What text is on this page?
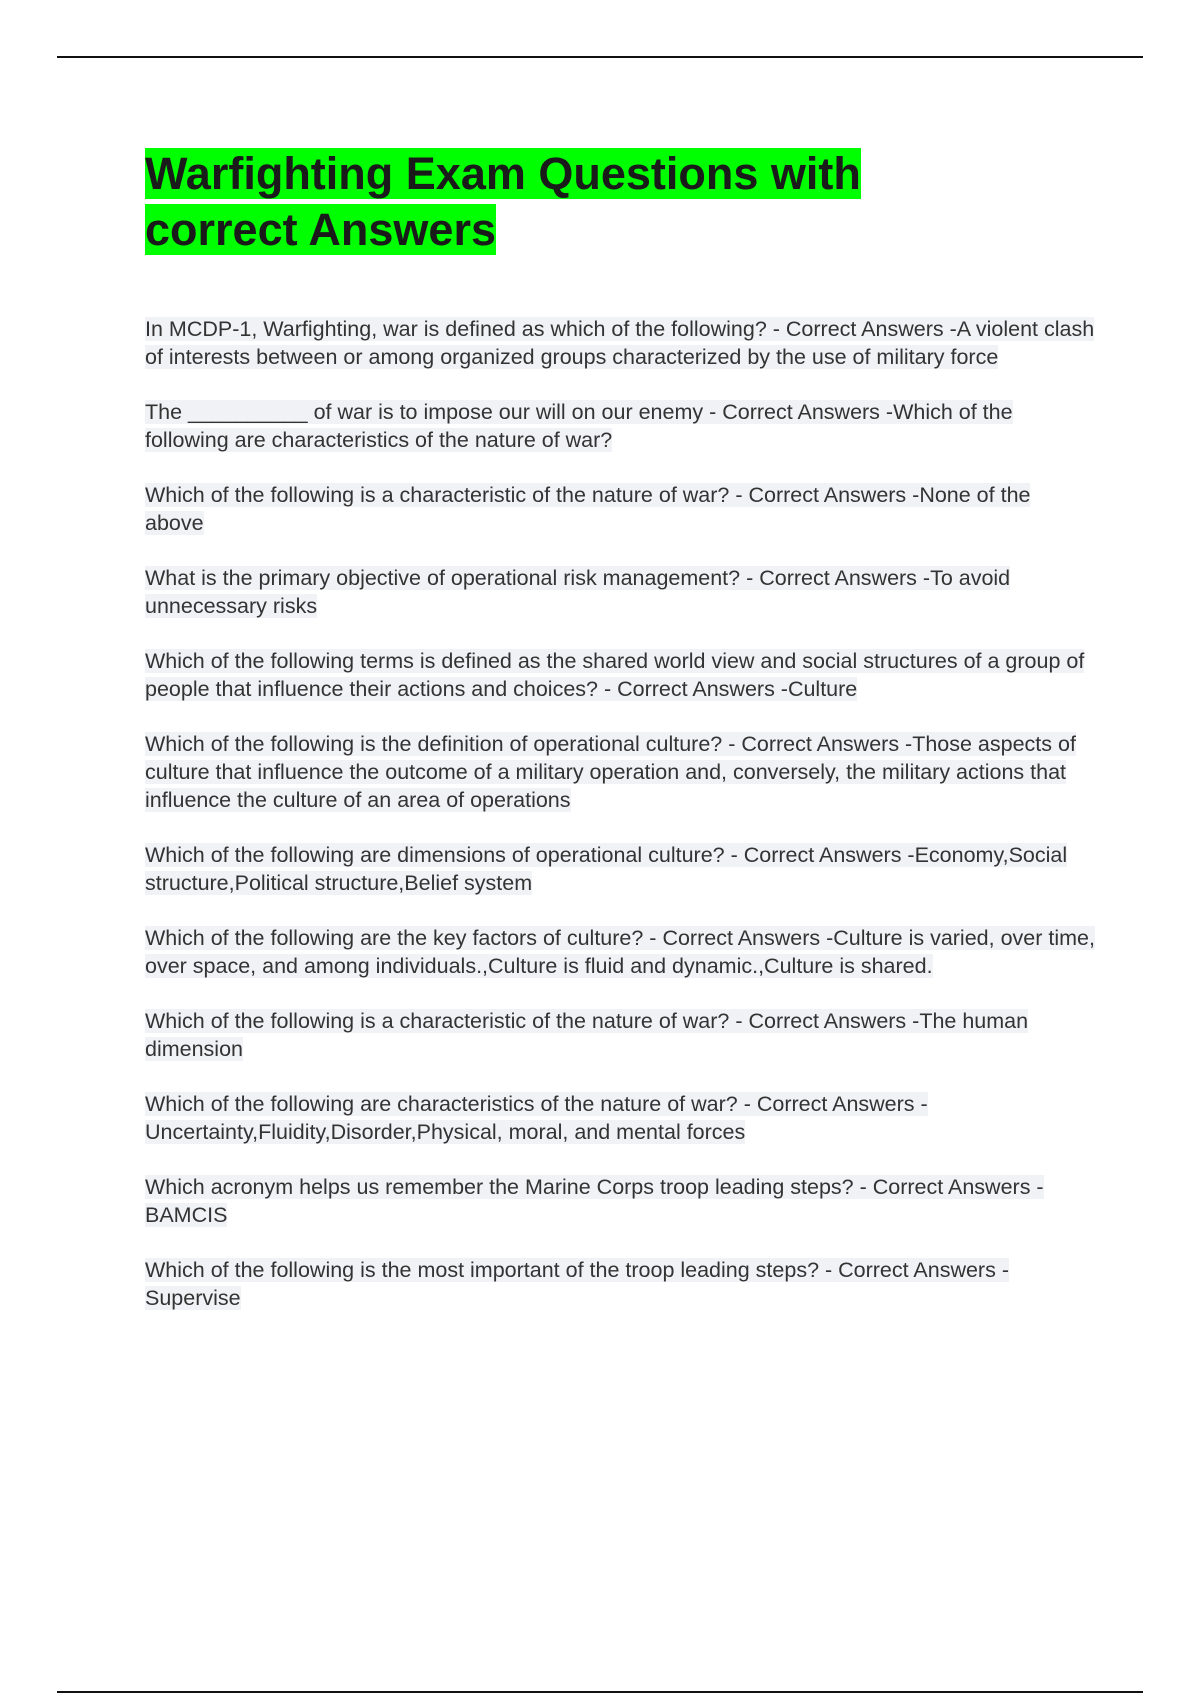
Warfighting Exam Questions with correct Answers

In MCDP-1, Warfighting, war is defined as which of the following? - Correct Answers -A violent clash of interests between or among organized groups characterized by the use of military force

The __________ of war is to impose our will on our enemy - Correct Answers -Which of the following are characteristics of the nature of war?

Which of the following is a characteristic of the nature of war? - Correct Answers -None of the above

What is the primary objective of operational risk management? - Correct Answers -To avoid unnecessary risks

Which of the following terms is defined as the shared world view and social structures of a group of people that influence their actions and choices? - Correct Answers -Culture

Which of the following is the definition of operational culture? - Correct Answers -Those aspects of culture that influence the outcome of a military operation and, conversely, the military actions that influence the culture of an area of operations

Which of the following are dimensions of operational culture? - Correct Answers -Economy,Social structure,Political structure,Belief system

Which of the following are the key factors of culture? - Correct Answers -Culture is varied, over time, over space, and among individuals.,Culture is fluid and dynamic.,Culture is shared.

Which of the following is a characteristic of the nature of war? - Correct Answers -The human dimension

Which of the following are characteristics of the nature of war? - Correct Answers -Uncertainty,Fluidity,Disorder,Physical, moral, and mental forces

Which acronym helps us remember the Marine Corps troop leading steps? - Correct Answers -BAMCIS

Which of the following is the most important of the troop leading steps? - Correct Answers -Supervise
